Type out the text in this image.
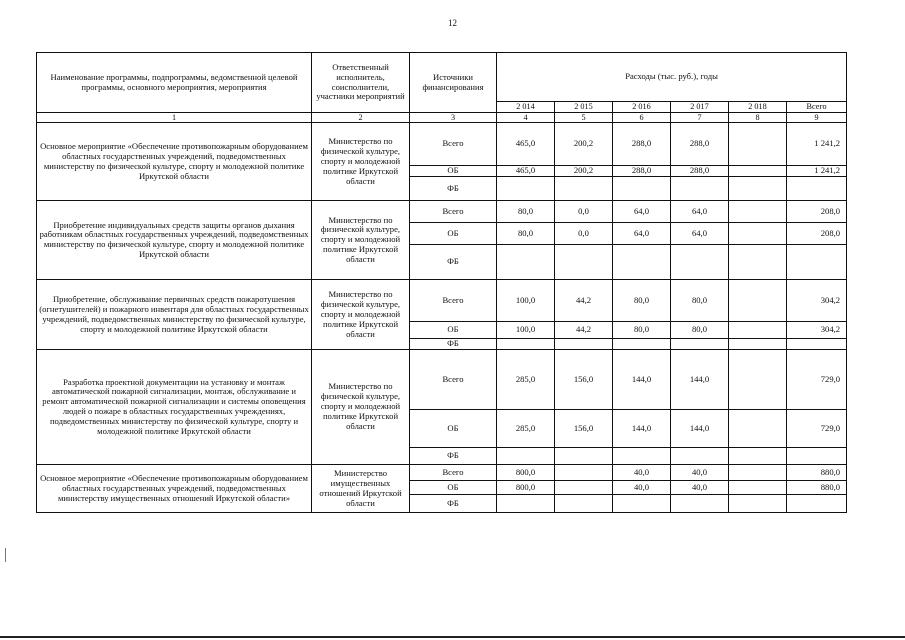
12
Наименование программы, подпрограммы, ведомственной целевой программы, основного мероприятия, мероприятия	Ответственный исполнитель, соисполнители, участники мероприятий	Источники финансирования	Расходы (тыс. руб.), годы					
			2 014	2 015	2 016	2 017	2 018	Всего
1	2	3	4	5	6	7	8	9
Основное мероприятие «Обеспечение противопожарным оборудованием областных государственных учреждений, подведомственных министерству по физической культуре, спорту и молодежной политике Иркутской области	Министерство по физической культуре, спорту и молодежной политике Иркутской области	Всего	465,0	200,2	288,0	288,0		1 241,2
		ОБ	465,0	200,2	288,0	288,0		1 241,2
		ФБ						
Приобретение индивидуальных средств защиты органов дыхания работникам областных государственных учреждений, подведомственных министерству по физической культуре, спорту и молодежной политике Иркутской области	Министерство по физической культуре, спорту и молодежной политике Иркутской области	Всего	80,0	0,0	64,0	64,0		208,0
		ОБ	80,0	0,0	64,0	64,0		208,0
		ФБ						
Приобретение, обслуживание первичных средств пожаротушения (огнетушителей) и пожарного инвентаря для областных государственных учреждений, подведомственных министерству по физической культуре, спорту и молодежной политике Иркутской области	Министерство по физической культуре, спорту и молодежной политике Иркутской области	Всего	100,0	44,2	80,0	80,0		304,2
		ОБ	100,0	44,2	80,0	80,0		304,2
		ФБ						
Разработка проектной документации на установку и монтаж автоматической пожарной сигнализации, монтаж, обслуживание и ремонт автоматической пожарной сигнализации и системы оповещения людей о пожаре в областных государственных учреждениях, подведомственных министерству по физической культуре, спорту и молодежной политике Иркутской области	Министерство по физической культуре, спорту и молодежной политике Иркутской области	Всего	285,0	156,0	144,0	144,0		729,0
		ОБ	285,0	156,0	144,0	144,0		729,0
		ФБ						
Основное мероприятие «Обеспечение противопожарным оборудованием областных государственных учреждений, подведомственных министерству имущественных отношений Иркутской области»	Министерство имущественных отношений Иркутской области	Всего	800,0		40,0	40,0		880,0
		ОБ	800,0		40,0	40,0		880,0
		ФБ						
